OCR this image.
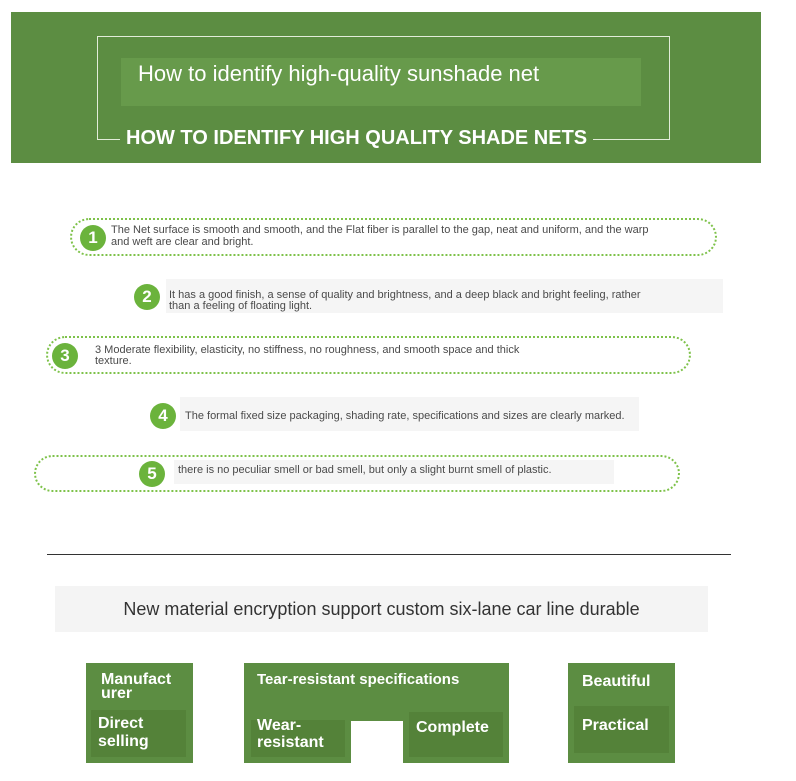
How to identify high-quality sunshade net
HOW TO IDENTIFY HIGH QUALITY SHADE NETS
1	The Net surface is smooth and smooth, and the Flat fiber is parallel to the gap, neat and uniform, and the warp
and weft are clear and bright.
2	It has a good finish, a sense of quality and brightness, and a deep black and bright feeling, rather
than a feeling of floating light.
3	3 Moderate flexibility, elasticity, no stiffness, no roughness, and smooth space and thick
texture.
4	The formal fixed size packaging, shading rate, specifications and sizes are clearly marked.
5	there is no peculiar smell or bad smell, but only a slight burnt smell of plastic.
New material encryption support custom six-lane car line durable
Manufact
urer
Direct
selling
Tear-resistant specifications
Wear-
resistant
Complete
Beautiful
Practical
